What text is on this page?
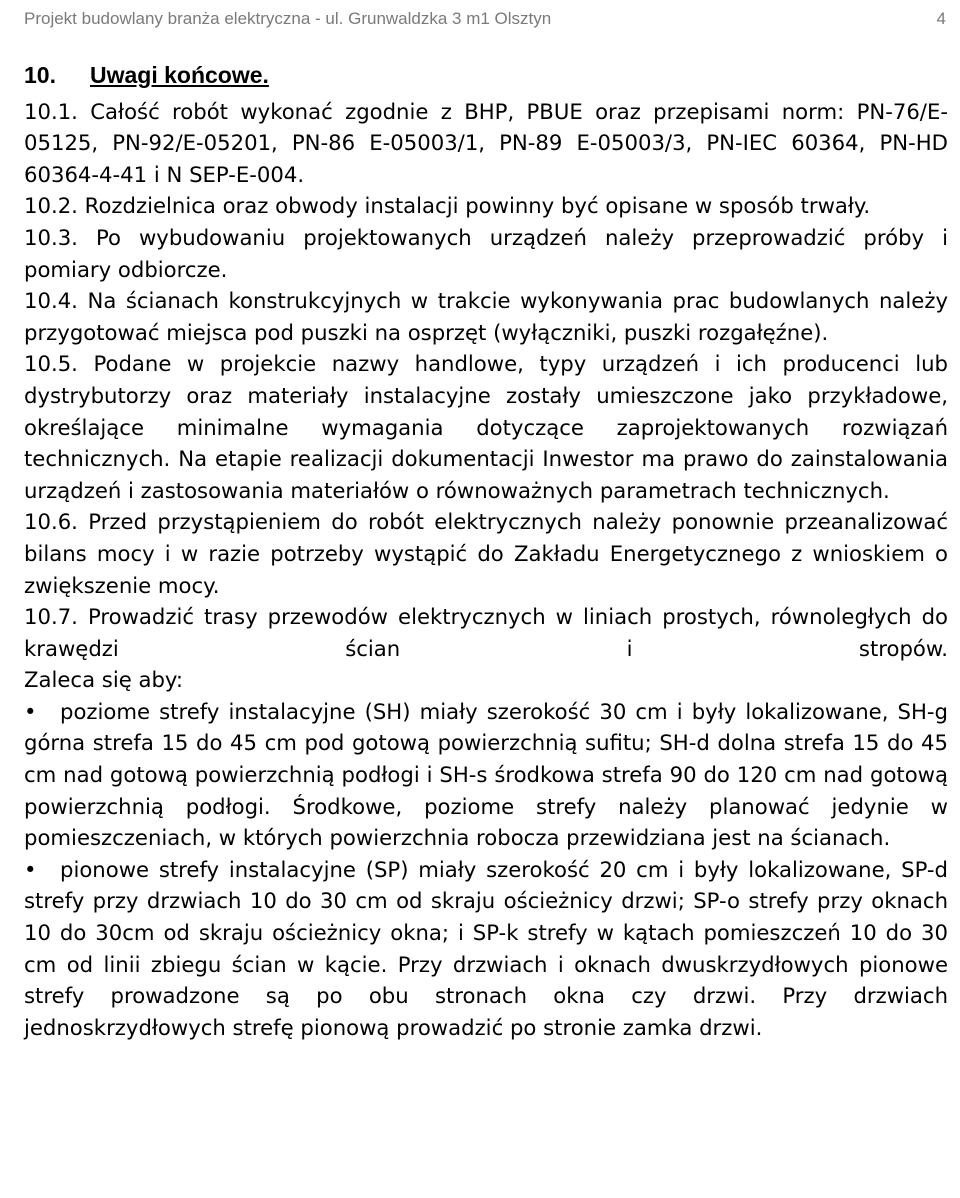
Projekt budowlany branża elektryczna - ul. Grunwaldzka 3 m1 Olsztyn	4
10. Uwagi końcowe.

10.1. Całość robót wykonać zgodnie z BHP, PBUE oraz przepisami norm: PN-76/E-05125, PN-92/E-05201, PN-86 E-05003/1, PN-89 E-05003/3, PN-IEC 60364, PN-HD 60364-4-41 i N SEP-E-004.

10.2. Rozdzielnica oraz obwody instalacji powinny być opisane w sposób trwały.

10.3. Po wybudowaniu projektowanych urządzeń należy przeprowadzić próby i pomiary odbiorcze.

10.4. Na ścianach konstrukcyjnych w trakcie wykonywania prac budowlanych należy przygotować miejsca pod puszki na osprzęt (wyłączniki, puszki rozgałęźne).

10.5. Podane w projekcie nazwy handlowe, typy urządzeń i ich producenci lub dystrybutorzy oraz materiały instalacyjne zostały umieszczone jako przykładowe, określające minimalne wymagania dotyczące zaprojektowanych rozwiązań technicznych. Na etapie realizacji dokumentacji Inwestor ma prawo do zainstalowania urządzeń i zastosowania materiałów o równoważnych parametrach technicznych.

10.6. Przed przystąpieniem do robót elektrycznych należy ponownie przeanalizować bilans mocy i w razie potrzeby wystąpić do Zakładu Energetycznego z wnioskiem o zwiększenie mocy.

10.7. Prowadzić trasy przewodów elektrycznych w liniach prostych, równoległych do krawędzi ścian i stropów.

Zaleca się aby:

•	poziome strefy instalacyjne (SH) miały szerokość 30 cm i były lokalizowane, SH-g górna strefa 15 do 45 cm pod gotową powierzchnią sufitu; SH-d dolna strefa 15 do 45 cm nad gotową powierzchnią podłogi i SH-s środkowa strefa 90 do 120 cm nad gotową powierzchnią podłogi. Środkowe, poziome strefy należy planować jedynie w pomieszczeniach, w których powierzchnia robocza przewidziana jest na ścianach.
•	pionowe strefy instalacyjne (SP) miały szerokość 20 cm i były lokalizowane, SP-d strefy przy drzwiach 10 do 30 cm od skraju ościeżnicy drzwi; SP-o strefy przy oknach 10 do 30cm od skraju ościeżnicy okna; i SP-k strefy w kątach pomieszczeń 10 do 30 cm od linii zbiegu ścian w kącie. Przy drzwiach i oknach dwuskrzydłowych pionowe strefy prowadzone są po obu stronach okna czy drzwi. Przy drzwiach jednoskrzydłowych strefę pionową prowadzić po stronie zamka drzwi.
